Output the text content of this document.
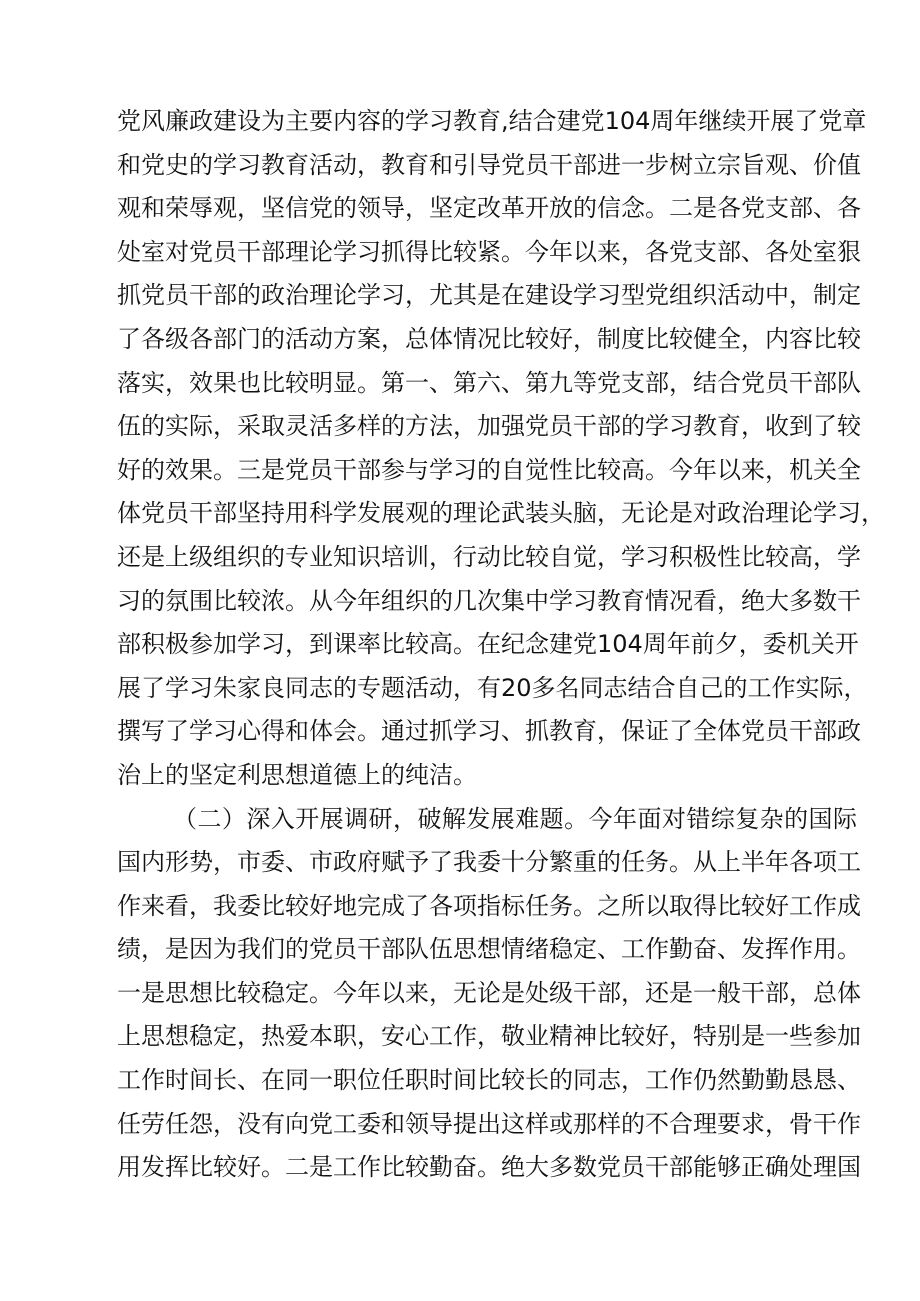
党风廉政建设为主要内容的学习教育,结合建党104周年继续开展了党章
和党史的学习教育活动，教育和引导党员干部进一步树立宗旨观、价值
观和荣辱观，坚信党的领导，坚定改革开放的信念。二是各党支部、各
处室对党员干部理论学习抓得比较紧。今年以来，各党支部、各处室狠
抓党员干部的政治理论学习，尤其是在建设学习型党组织活动中，制定
了各级各部门的活动方案，总体情况比较好，制度比较健全，内容比较
落实，效果也比较明显。第一、第六、第九等党支部，结合党员干部队
伍的实际，采取灵活多样的方法，加强党员干部的学习教育，收到了较
好的效果。三是党员干部参与学习的自觉性比较高。今年以来，机关全
体党员干部坚持用科学发展观的理论武装头脑，无论是对政治理论学习，
还是上级组织的专业知识培训，行动比较自觉，学习积极性比较高，学
习的氛围比较浓。从今年组织的几次集中学习教育情况看，绝大多数干
部积极参加学习，到课率比较高。在纪念建党104周年前夕，委机关开
展了学习朱家良同志的专题活动，有20多名同志结合自己的工作实际，
撰写了学习心得和体会。通过抓学习、抓教育，保证了全体党员干部政
治上的坚定利思想道德上的纯洁。
（二）深入开展调研，破解发展难题。今年面对错综复杂的国际
国内形势，市委、市政府赋予了我委十分繁重的任务。从上半年各项工
作来看，我委比较好地完成了各项指标任务。之所以取得比较好工作成
绩，是因为我们的党员干部队伍思想情绪稳定、工作勤奋、发挥作用。
一是思想比较稳定。今年以来，无论是处级干部，还是一般干部，总体
上思想稳定，热爱本职，安心工作，敬业精神比较好，特别是一些参加
工作时间长、在同一职位任职时间比较长的同志，工作仍然勤勤恳恳、
任劳任怨，没有向党工委和领导提出这样或那样的不合理要求，骨干作
用发挥比较好。二是工作比较勤奋。绝大多数党员干部能够正确处理国
